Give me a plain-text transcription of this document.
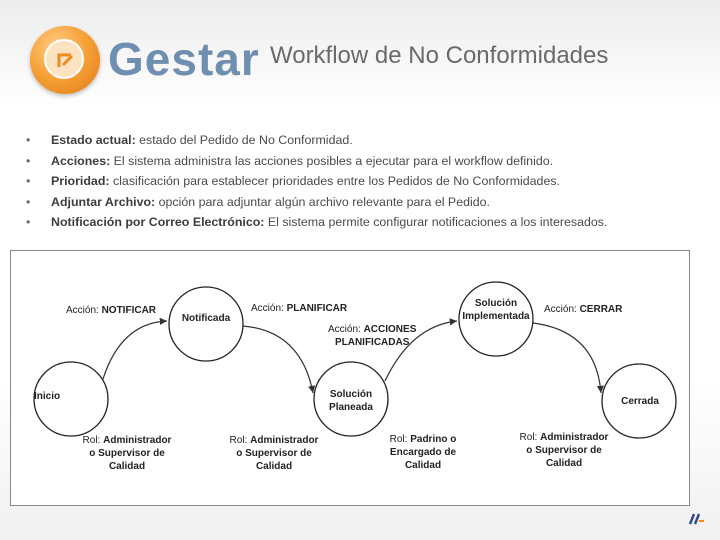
Gestar Workflow de No Conformidades
• Estado actual: estado del Pedido de No Conformidad.
• Acciones: El sistema administra las acciones posibles a ejecutar para el workflow definido.
• Prioridad: clasificación para establecer prioridades entre los Pedidos de No Conformidades.
• Adjuntar Archivo: opción para adjuntar algún archivo relevante para el Pedido.
• Notificación por Correo Electrónico: El sistema permite configurar notificaciones a los interesados.
Inicio
Notificada
Solución
Planeada
Solución
Implementada
Cerrada
Acción: NOTIFICAR	Acción: PLANIFICAR
Acción: ACCIONES
PLANIFICADAS
Acción: CERRAR
Rol: Administrador
o Supervisor de
Calidad
Rol: Administrador
o Supervisor de
Calidad
Rol: Padrino o
Encargado de
Calidad
Rol: Administrador
o Supervisor de
Calidad
